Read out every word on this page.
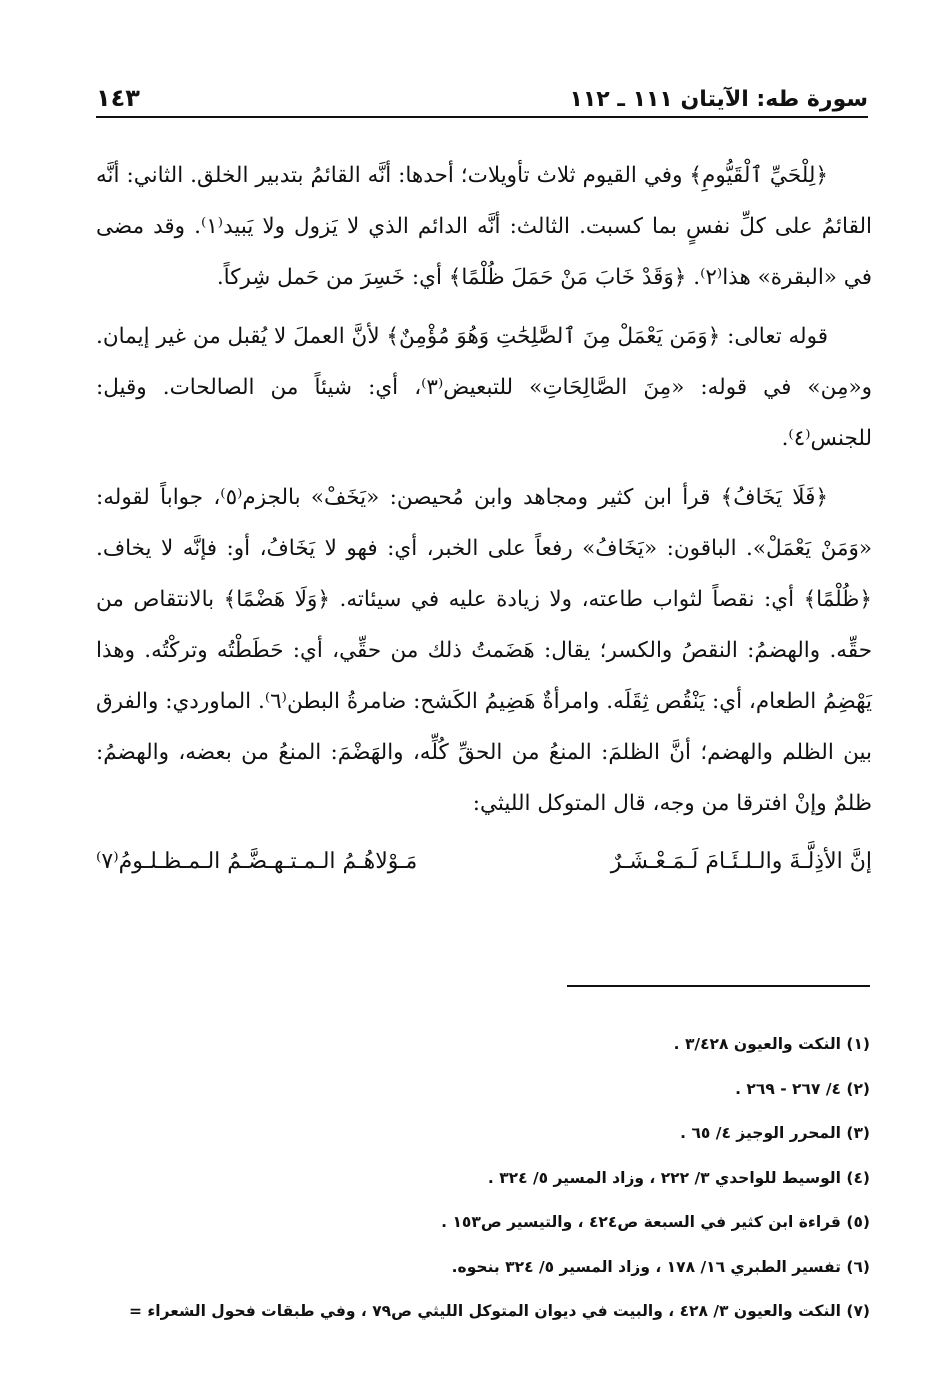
سورة طه: الآيتان ١١١ ـ ١١٢
١٤٣

﴿لِلْحَيِّ ٱلْقَيُّومِ﴾ وفي القيوم ثلاث تأويلات؛ أحدها: أنَّه القائمُ بتدبير الخلق. الثاني: أنَّه القائمُ على كلِّ نفسٍ بما كسبت. الثالث: أنَّه الدائم الذي لا يَزول ولا يَبيد⁽١⁾. وقد مضى في «البقرة» هذا⁽٢⁾. ﴿وَقَدْ خَابَ مَنْ حَمَلَ ظُلْمًا﴾ أي: خَسِرَ من حَمل شِركاً.

قوله تعالى: ﴿وَمَن يَعْمَلْ مِنَ ٱلصَّٰلِحَٰتِ وَهُوَ مُؤْمِنٌ﴾ لأنَّ العملَ لا يُقبل من غير إيمان. و«مِن» في قوله: «مِنَ الصَّالِحَاتِ» للتبعيض⁽٣⁾، أي: شيئاً من الصالحات. وقيل: للجنس⁽٤⁾.

﴿فَلَا يَخَافُ﴾ قرأ ابن كثير ومجاهد وابن مُحيصن: «يَخَفْ» بالجزم⁽٥⁾، جواباً لقوله: «وَمَنْ يَعْمَلْ». الباقون: «يَخَافُ» رفعاً على الخبر، أي: فهو لا يَخَافُ، أو: فإنَّه لا يخاف. ﴿ظُلْمًا﴾ أي: نقصاً لثواب طاعته، ولا زيادة عليه في سيئاته. ﴿وَلَا هَضْمًا﴾ بالانتقاص من حقِّه. والهضمُ: النقصُ والكسر؛ يقال: هَضَمتُ ذلك من حقِّي، أي: حَطَطْتُه وتركْتُه. وهذا يَهْضِمُ الطعام، أي: يَنْقُص ثِقَلَه. وامرأةٌ هَضِيمُ الكَشح: ضامرةُ البطن⁽٦⁾. الماوردي: والفرق بين الظلم والهضم؛ أنَّ الظلمَ: المنعُ من الحقِّ كُلِّه، والهَضْمَ: المنعُ من بعضه، والهضمُ: ظلمٌ وإنْ افترقا من وجه، قال المتوكل الليثي:

إنَّ الأذِلَّـةَ والـلـئَـامَ لَـمَـعْـشَـرٌ
مَـوْلاهُـمُ الـمـتـهـضَّـمُ الـمـظـلـومُ⁽٧⁾

(١) النكت والعيون ٣/٤٢٨ .

(٢) ٤/ ٢٦٧ - ٢٦٩ .

(٣) المحرر الوجيز ٤/ ٦٥ .

(٤) الوسيط للواحدي ٣/ ٢٢٢ ، وزاد المسير ٥/ ٣٢٤ .

(٥) قراءة ابن كثير في السبعة ص٤٢٤ ، والتيسير ص١٥٣ .

(٦) تفسير الطبري ١٦/ ١٧٨ ، وزاد المسير ٥/ ٣٢٤ بنحوه.

(٧) النكت والعيون ٣/ ٤٢٨ ، والبيت في ديوان المتوكل الليثي ص٧٩ ، وفي طبقات فحول الشعراء =
